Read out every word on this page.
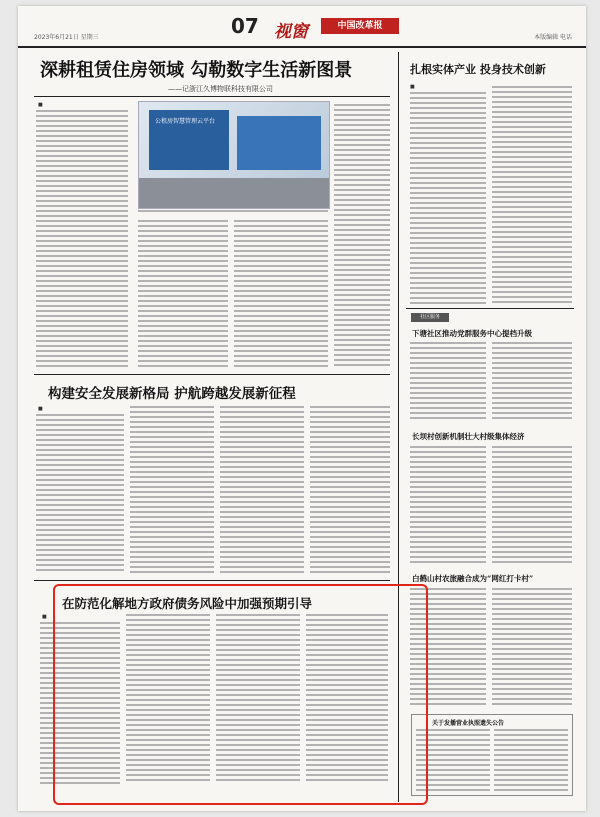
2023年6月21日 星期三	07 视窗	中国改革报
本版编辑 电话
深耕租赁住房领域 勾勒数字生活新图景
——记浙江久博物联科技有限公司
■
公租房智慧管理云平台
构建安全发展新格局 护航跨越发展新征程
■
在防范化解地方政府债务风险中加强预期引导
■
扎根实体产业 投身技术创新
■
社区服务
下塘社区推动党群服务中心提档升级
长坝村创新机制壮大村级集体经济
白鹤山村农旅融合成为“网红打卡村”
关于发播营业执照遗失公告
